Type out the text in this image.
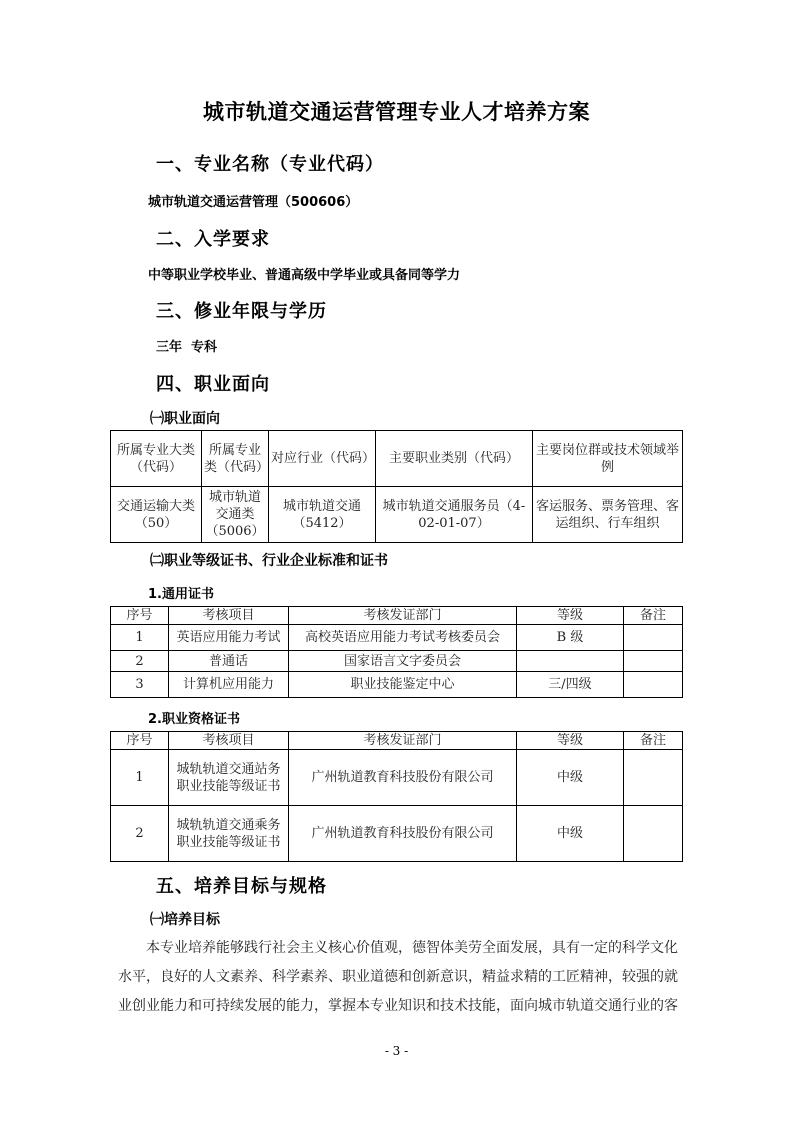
城市轨道交通运营管理专业人才培养方案
一、专业名称（专业代码）
城市轨道交通运营管理（500606）
二、入学要求
中等职业学校毕业、普通高级中学毕业或具备同等学力
三、修业年限与学历
三年  专科
四、职业面向
㈠职业面向
所属专业大类（代码）	所属专业类（代码）	对应行业（代码）	主要职业类别（代码）	主要岗位群或技术领域举例
交通运输大类（50）	城市轨道交通类（5006）	城市轨道交通（5412）	城市轨道交通服务员（4-02-01-07）	客运服务、票务管理、客运组织、行车组织
㈡职业等级证书、行业企业标准和证书
1.通用证书
序号	考核项目	考核发证部门	等级	备注
1	英语应用能力考试	高校英语应用能力考试考核委员会	B 级	
2	普通话	国家语言文字委员会		
3	计算机应用能力	职业技能鉴定中心	三/四级	
2.职业资格证书
序号	考核项目	考核发证部门	等级	备注
1	城轨轨道交通站务职业技能等级证书	广州轨道教育科技股份有限公司	中级	
2	城轨轨道交通乘务职业技能等级证书	广州轨道教育科技股份有限公司	中级	
五、培养目标与规格
㈠培养目标
本专业培养能够践行社会主义核心价值观，德智体美劳全面发展，具有一定的科学文化水平，良好的人文素养、科学素养、职业道德和创新意识，精益求精的工匠精神，较强的就业创业能力和可持续发展的能力，掌握本专业知识和技术技能，面向城市轨道交通行业的客
- 3 -
